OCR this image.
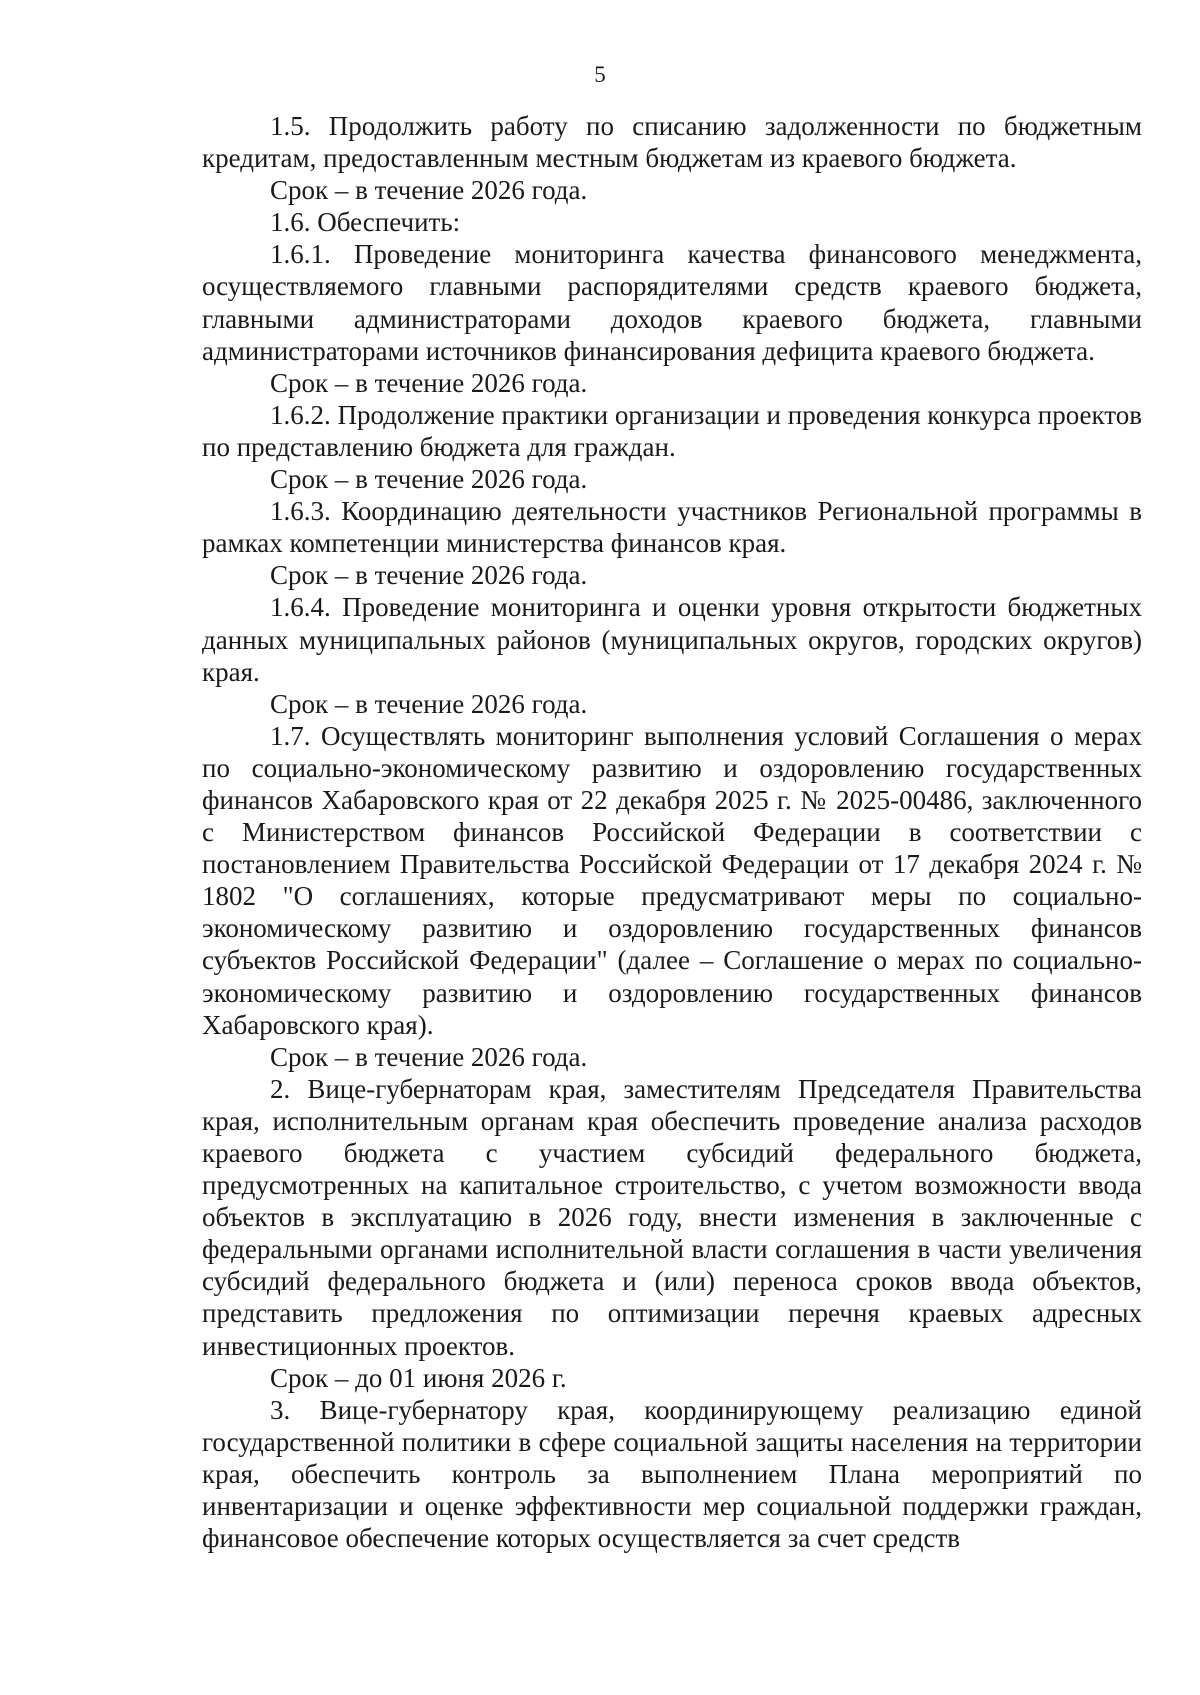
5

1.5. Продолжить работу по списанию задолженности по бюджетным кредитам, предоставленным местным бюджетам из краевого бюджета.

Срок – в течение 2026 года.

1.6. Обеспечить:

1.6.1. Проведение мониторинга качества финансового менеджмента, осуществляемого главными распорядителями средств краевого бюджета, главными администраторами доходов краевого бюджета, главными администраторами источников финансирования дефицита краевого бюджета.

Срок – в течение 2026 года.

1.6.2. Продолжение практики организации и проведения конкурса проектов по представлению бюджета для граждан.

Срок – в течение 2026 года.

1.6.3. Координацию деятельности участников Региональной программы в рамках компетенции министерства финансов края.

Срок – в течение 2026 года.

1.6.4. Проведение мониторинга и оценки уровня открытости бюджетных данных муниципальных районов (муниципальных округов, городских округов) края.

Срок – в течение 2026 года.

1.7. Осуществлять мониторинг выполнения условий Соглашения о мерах по социально-экономическому развитию и оздоровлению государственных финансов Хабаровского края от 22 декабря 2025 г. № 2025-00486, заключенного с Министерством финансов Российской Федерации в соответствии с постановлением Правительства Российской Федерации от 17 декабря 2024 г. № 1802 "О соглашениях, которые предусматривают меры по социально-экономическому развитию и оздоровлению государственных финансов субъектов Российской Федерации" (далее – Соглашение о мерах по социально-экономическому развитию и оздоровлению государственных финансов Хабаровского края).

Срок – в течение 2026 года.

2. Вице-губернаторам края, заместителям Председателя Правительства края, исполнительным органам края обеспечить проведение анализа расходов краевого бюджета с участием субсидий федерального бюджета, предусмотренных на капитальное строительство, с учетом возможности ввода объектов в эксплуатацию в 2026 году, внести изменения в заключенные с федеральными органами исполнительной власти соглашения в части увеличения субсидий федерального бюджета и (или) переноса сроков ввода объектов, представить предложения по оптимизации перечня краевых адресных инвестиционных проектов.

Срок – до 01 июня 2026 г.

3. Вице-губернатору края, координирующему реализацию единой государственной политики в сфере социальной защиты населения на территории края, обеспечить контроль за выполнением Плана мероприятий по инвентаризации и оценке эффективности мер социальной поддержки граждан, финансовое обеспечение которых осуществляется за счет средств
